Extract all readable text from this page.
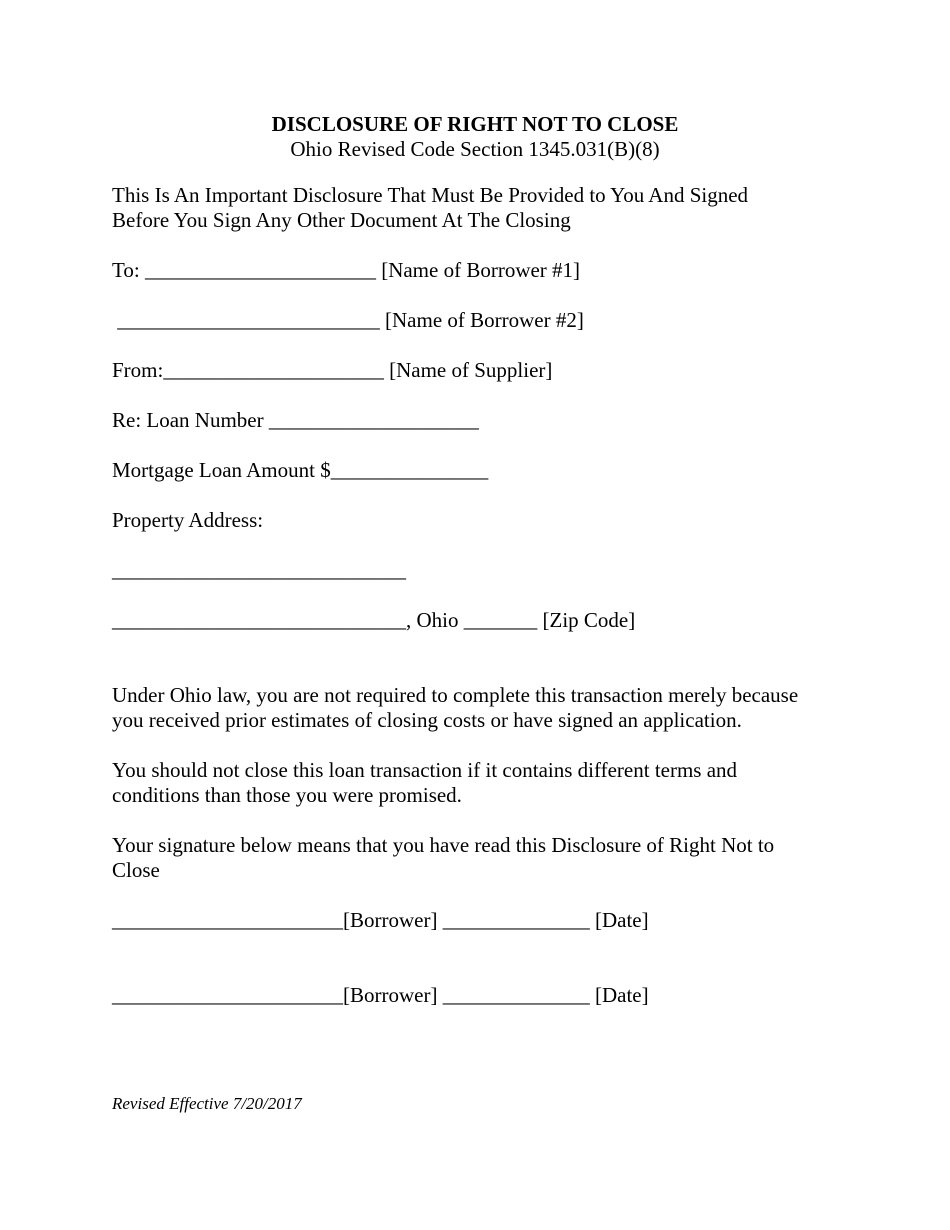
DISCLOSURE OF RIGHT NOT TO CLOSE
Ohio Revised Code Section 1345.031(B)(8)
This Is An Important Disclosure That Must Be Provided to You And Signed
Before You Sign Any Other Document At The Closing
To: ______________________ [Name of Borrower #1]
_________________________ [Name of Borrower #2]
From:_____________________ [Name of Supplier]
Re: Loan Number ____________________
Mortgage Loan Amount $_______________
Property Address:
____________________________
____________________________, Ohio _______ [Zip Code]
Under Ohio law, you are not required to complete this transaction merely because
you received prior estimates of closing costs or have signed an application.
You should not close this loan transaction if it contains different terms and
conditions than those you were promised.
Your signature below means that you have read this Disclosure of Right Not to
Close
______________________[Borrower] ______________ [Date]
______________________[Borrower] ______________ [Date]
Revised Effective 7/20/2017
